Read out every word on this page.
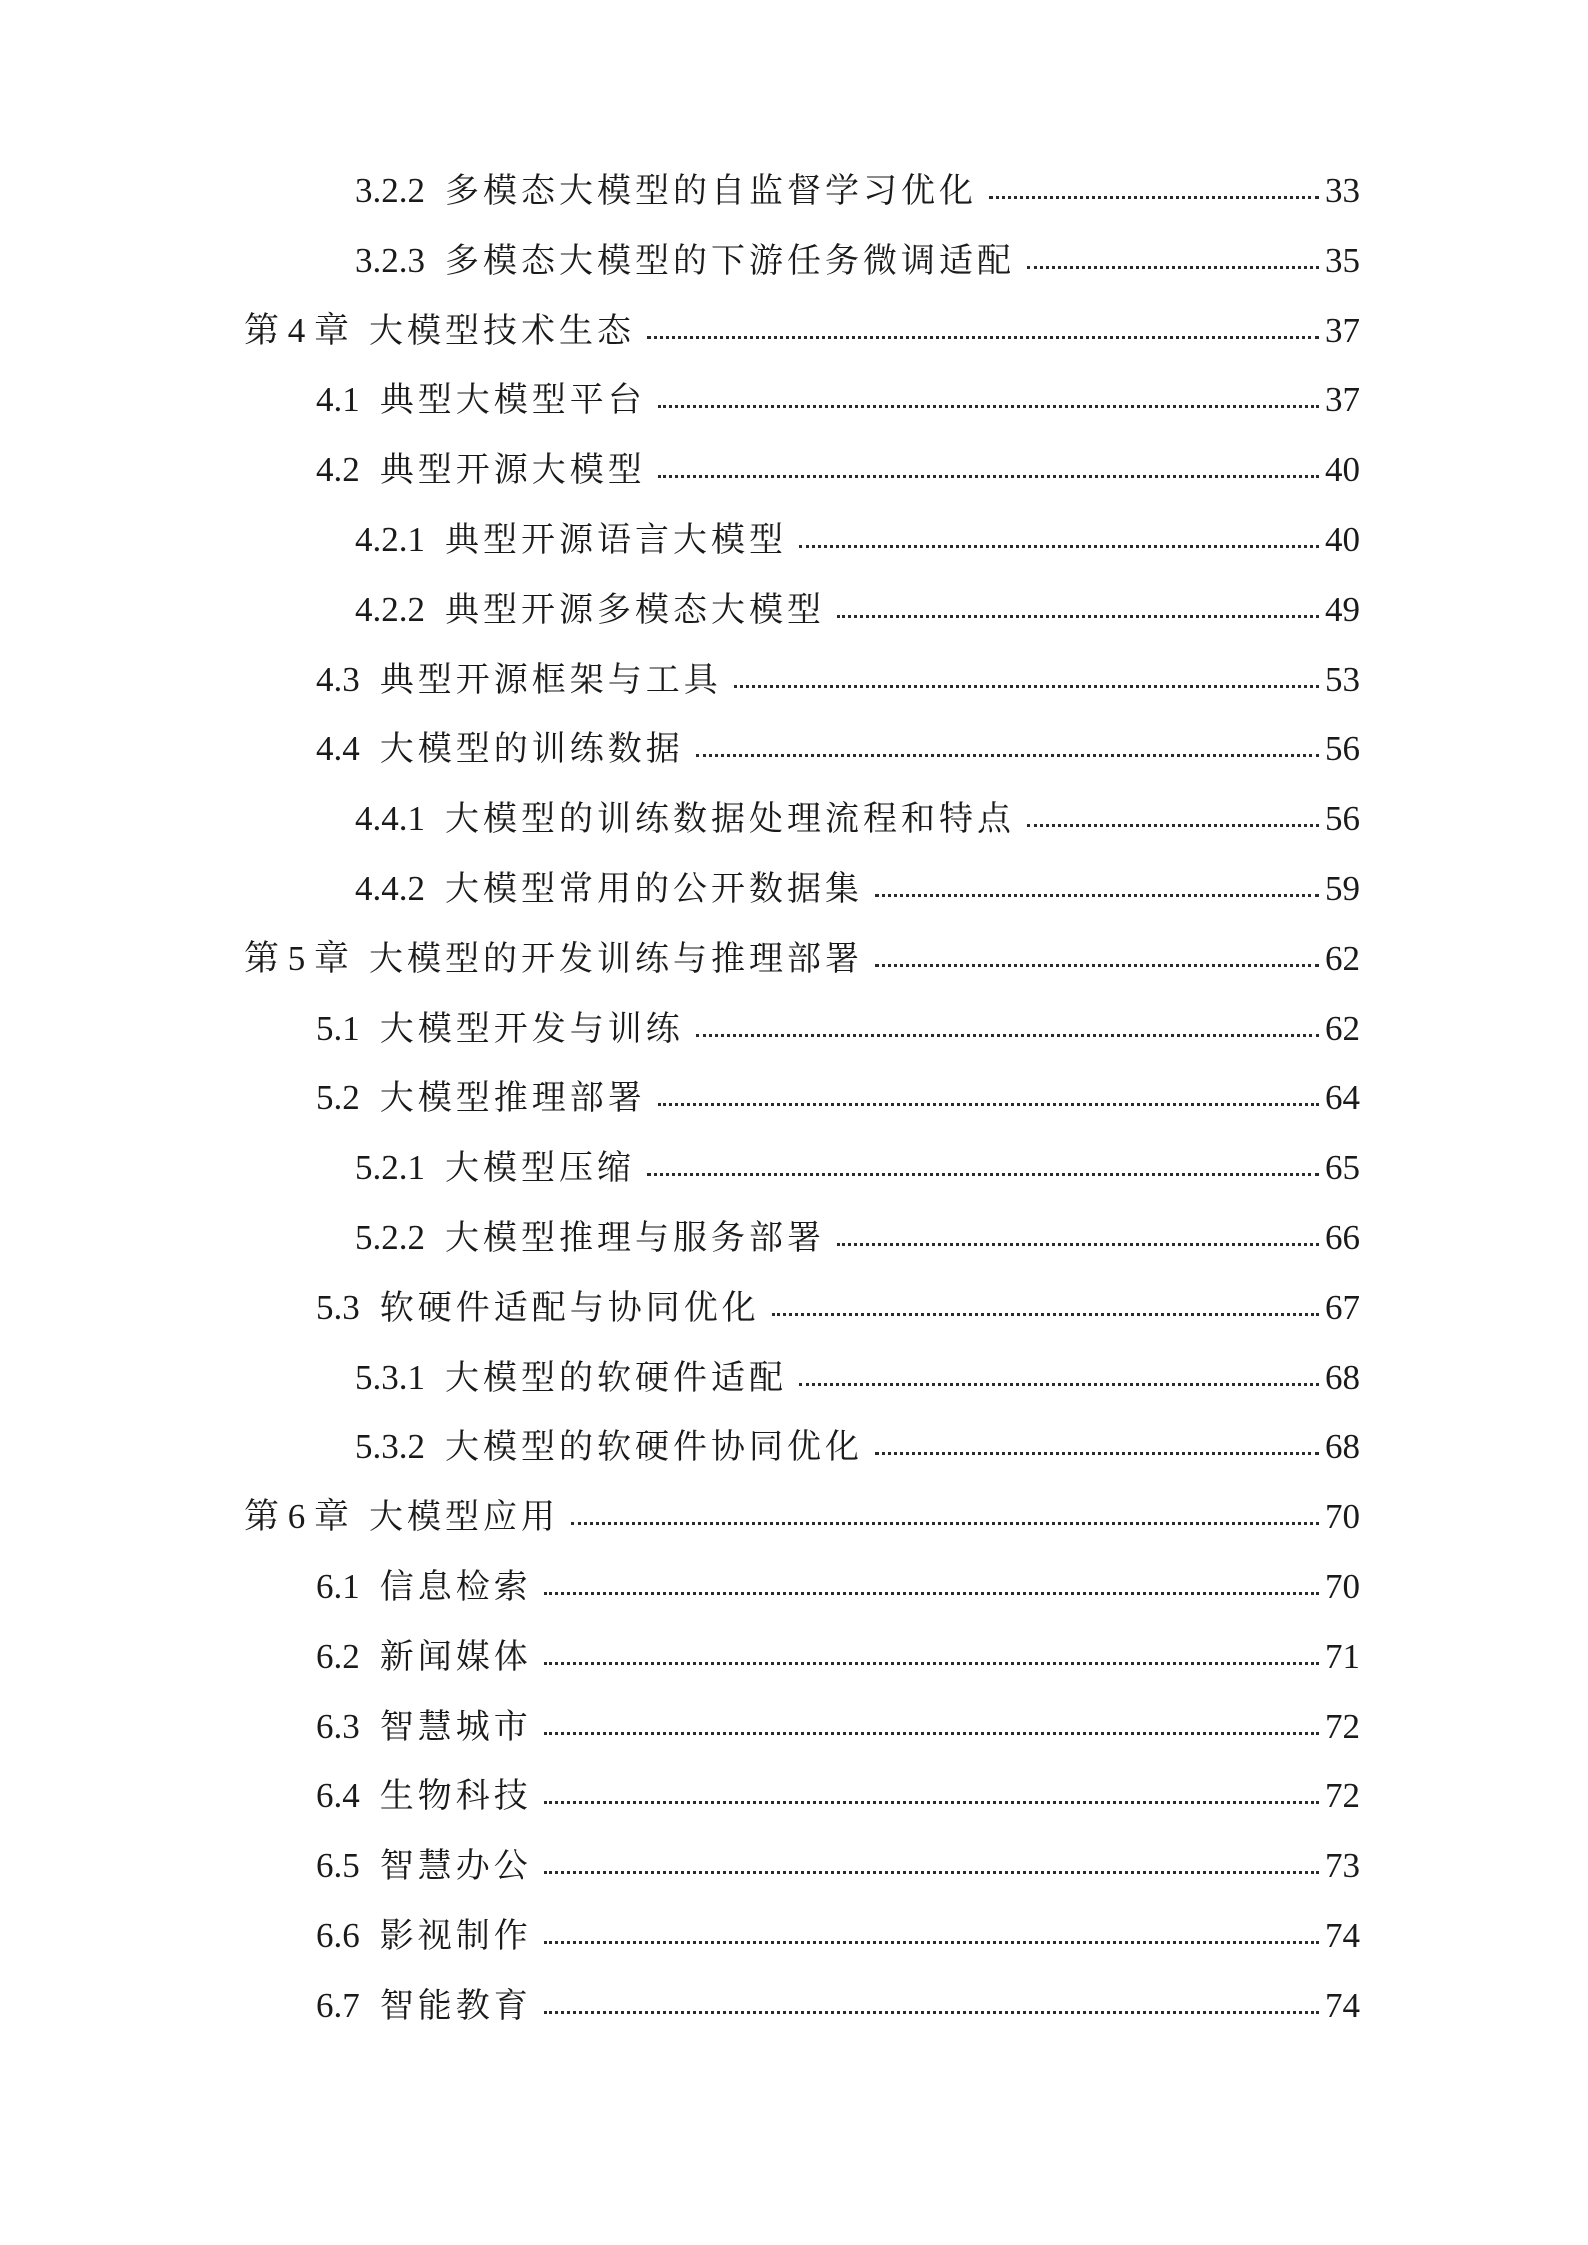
3.2.2 多模态大模型的自监督学习优化	33
3.2.3 多模态大模型的下游任务微调适配	35
第 4 章 大模型技术生态	37
4.1 典型大模型平台	37
4.2 典型开源大模型	40
4.2.1 典型开源语言大模型	40
4.2.2 典型开源多模态大模型	49
4.3 典型开源框架与工具	53
4.4 大模型的训练数据	56
4.4.1 大模型的训练数据处理流程和特点	56
4.4.2 大模型常用的公开数据集	59
第 5 章 大模型的开发训练与推理部署	62
5.1 大模型开发与训练	62
5.2 大模型推理部署	64
5.2.1 大模型压缩	65
5.2.2 大模型推理与服务部署	66
5.3 软硬件适配与协同优化	67
5.3.1 大模型的软硬件适配	68
5.3.2 大模型的软硬件协同优化	68
第 6 章 大模型应用	70
6.1 信息检索	70
6.2 新闻媒体	71
6.3 智慧城市	72
6.4 生物科技	72
6.5 智慧办公	73
6.6 影视制作	74
6.7 智能教育	74
